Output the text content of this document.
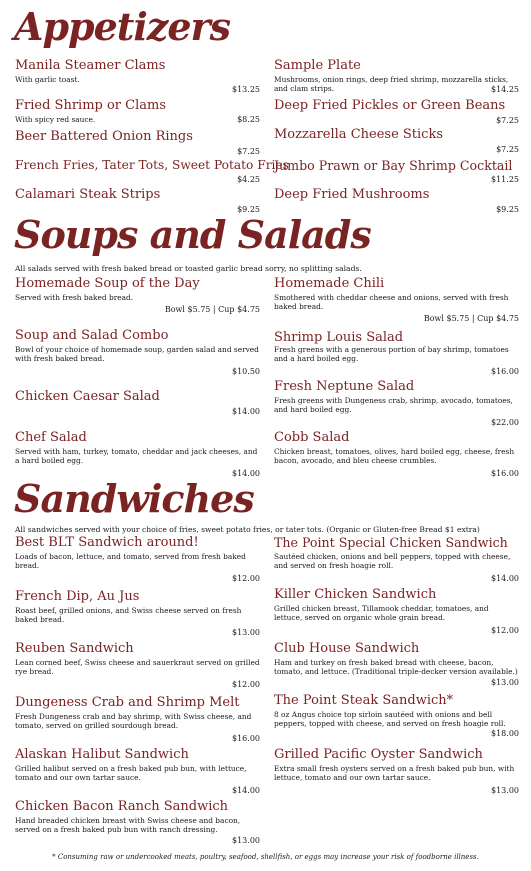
Appetizers
Manila Steamer Clams
With garlic toast.
$13.25
Fried Shrimp or Clams
With spicy red sauce.	$8.25
Beer Battered Onion Rings
$7.25
French Fries, Tater Tots, Sweet Potato Fries
$4.25
Calamari Steak Strips
$9.25
Sample Plate
Mushrooms, onion rings, deep fried shrimp, mozzarella sticks, and clam strips.	$14.25
Deep Fried Pickles or Green Beans
$7.25
Mozzarella Cheese Sticks
$7.25
Jumbo Prawn or Bay Shrimp Cocktail
$11.25
Deep Fried Mushrooms
$9.25
Soups and Salads
All salads served with fresh baked bread or toasted garlic bread sorry, no splitting salads.
Homemade Soup of the Day
Served with fresh baked bread.
Bowl $5.75 | Cup $4.75
Soup and Salad Combo
Bowl of your choice of homemade soup, garden salad and served with fresh baked bread.
$10.50
Chicken Caesar Salad
$14.00
Chef Salad
Served with ham, turkey, tomato, cheddar and jack cheeses, and a hard boiled egg.
$14.00
Homemade Chili
Smothered with cheddar cheese and onions, served with fresh baked bread.
Bowl $5.75 | Cup $4.75
Shrimp Louis Salad
Fresh greens with a generous portion of bay shrimp, tomatoes and a hard boiled egg.
$16.00
Fresh Neptune Salad
Fresh greens with Dungeness crab, shrimp, avocado, tomatoes, and hard boiled egg.
$22.00
Cobb Salad
Chicken breast, tomatoes, olives, hard boiled egg, cheese, fresh bacon, avocado, and bleu cheese crumbles.
$16.00
Sandwiches
All sandwiches served with your choice of fries, sweet potato fries, or tater tots. (Organic or Gluten-free Bread $1 extra)
Best BLT Sandwich around!
Loads of bacon, lettuce, and tomato, served from fresh baked bread.
$12.00
French Dip, Au Jus
Roast beef, grilled onions, and Swiss cheese served on fresh baked bread.
$13.00
Reuben Sandwich
Lean corned beef, Swiss cheese and sauerkraut served on grilled rye bread.
$12.00
Dungeness Crab and Shrimp Melt
Fresh Dungeness crab and bay shrimp, with Swiss cheese, and tomato, served on grilled sourdough bread.
$16.00
Alaskan Halibut Sandwich
Grilled halibut served on a fresh baked pub bun, with lettuce, tomato and our own tartar sauce.
$14.00
Chicken Bacon Ranch Sandwich
Hand breaded chicken breast with Swiss cheese and bacon, served on a fresh baked pub bun with ranch dressing.
$13.00
The Point Special Chicken Sandwich
Sautéed chicken, onions and bell peppers, topped with cheese, and served on fresh hoagie roll.
$14.00
Killer Chicken Sandwich
Grilled chicken breast, Tillamook cheddar, tomatoes, and lettuce, served on organic whole grain bread.
$12.00
Club House Sandwich
Ham and turkey on fresh baked bread with cheese, bacon, tomato, and lettuce. (Traditional triple-decker version available.)
$13.00
The Point Steak Sandwich*
8 oz Angus choice top sirloin sautéed with onions and bell peppers, topped with cheese, and served on fresh hoagie roll.
$18.00
Grilled Pacific Oyster Sandwich
Extra small fresh oysters served on a fresh baked pub bun, with lettuce, tomato and our own tartar sauce.
$13.00
* Consuming raw or undercooked meats, poultry, seafood, shellfish, or eggs may increase your risk of foodborne illness.
